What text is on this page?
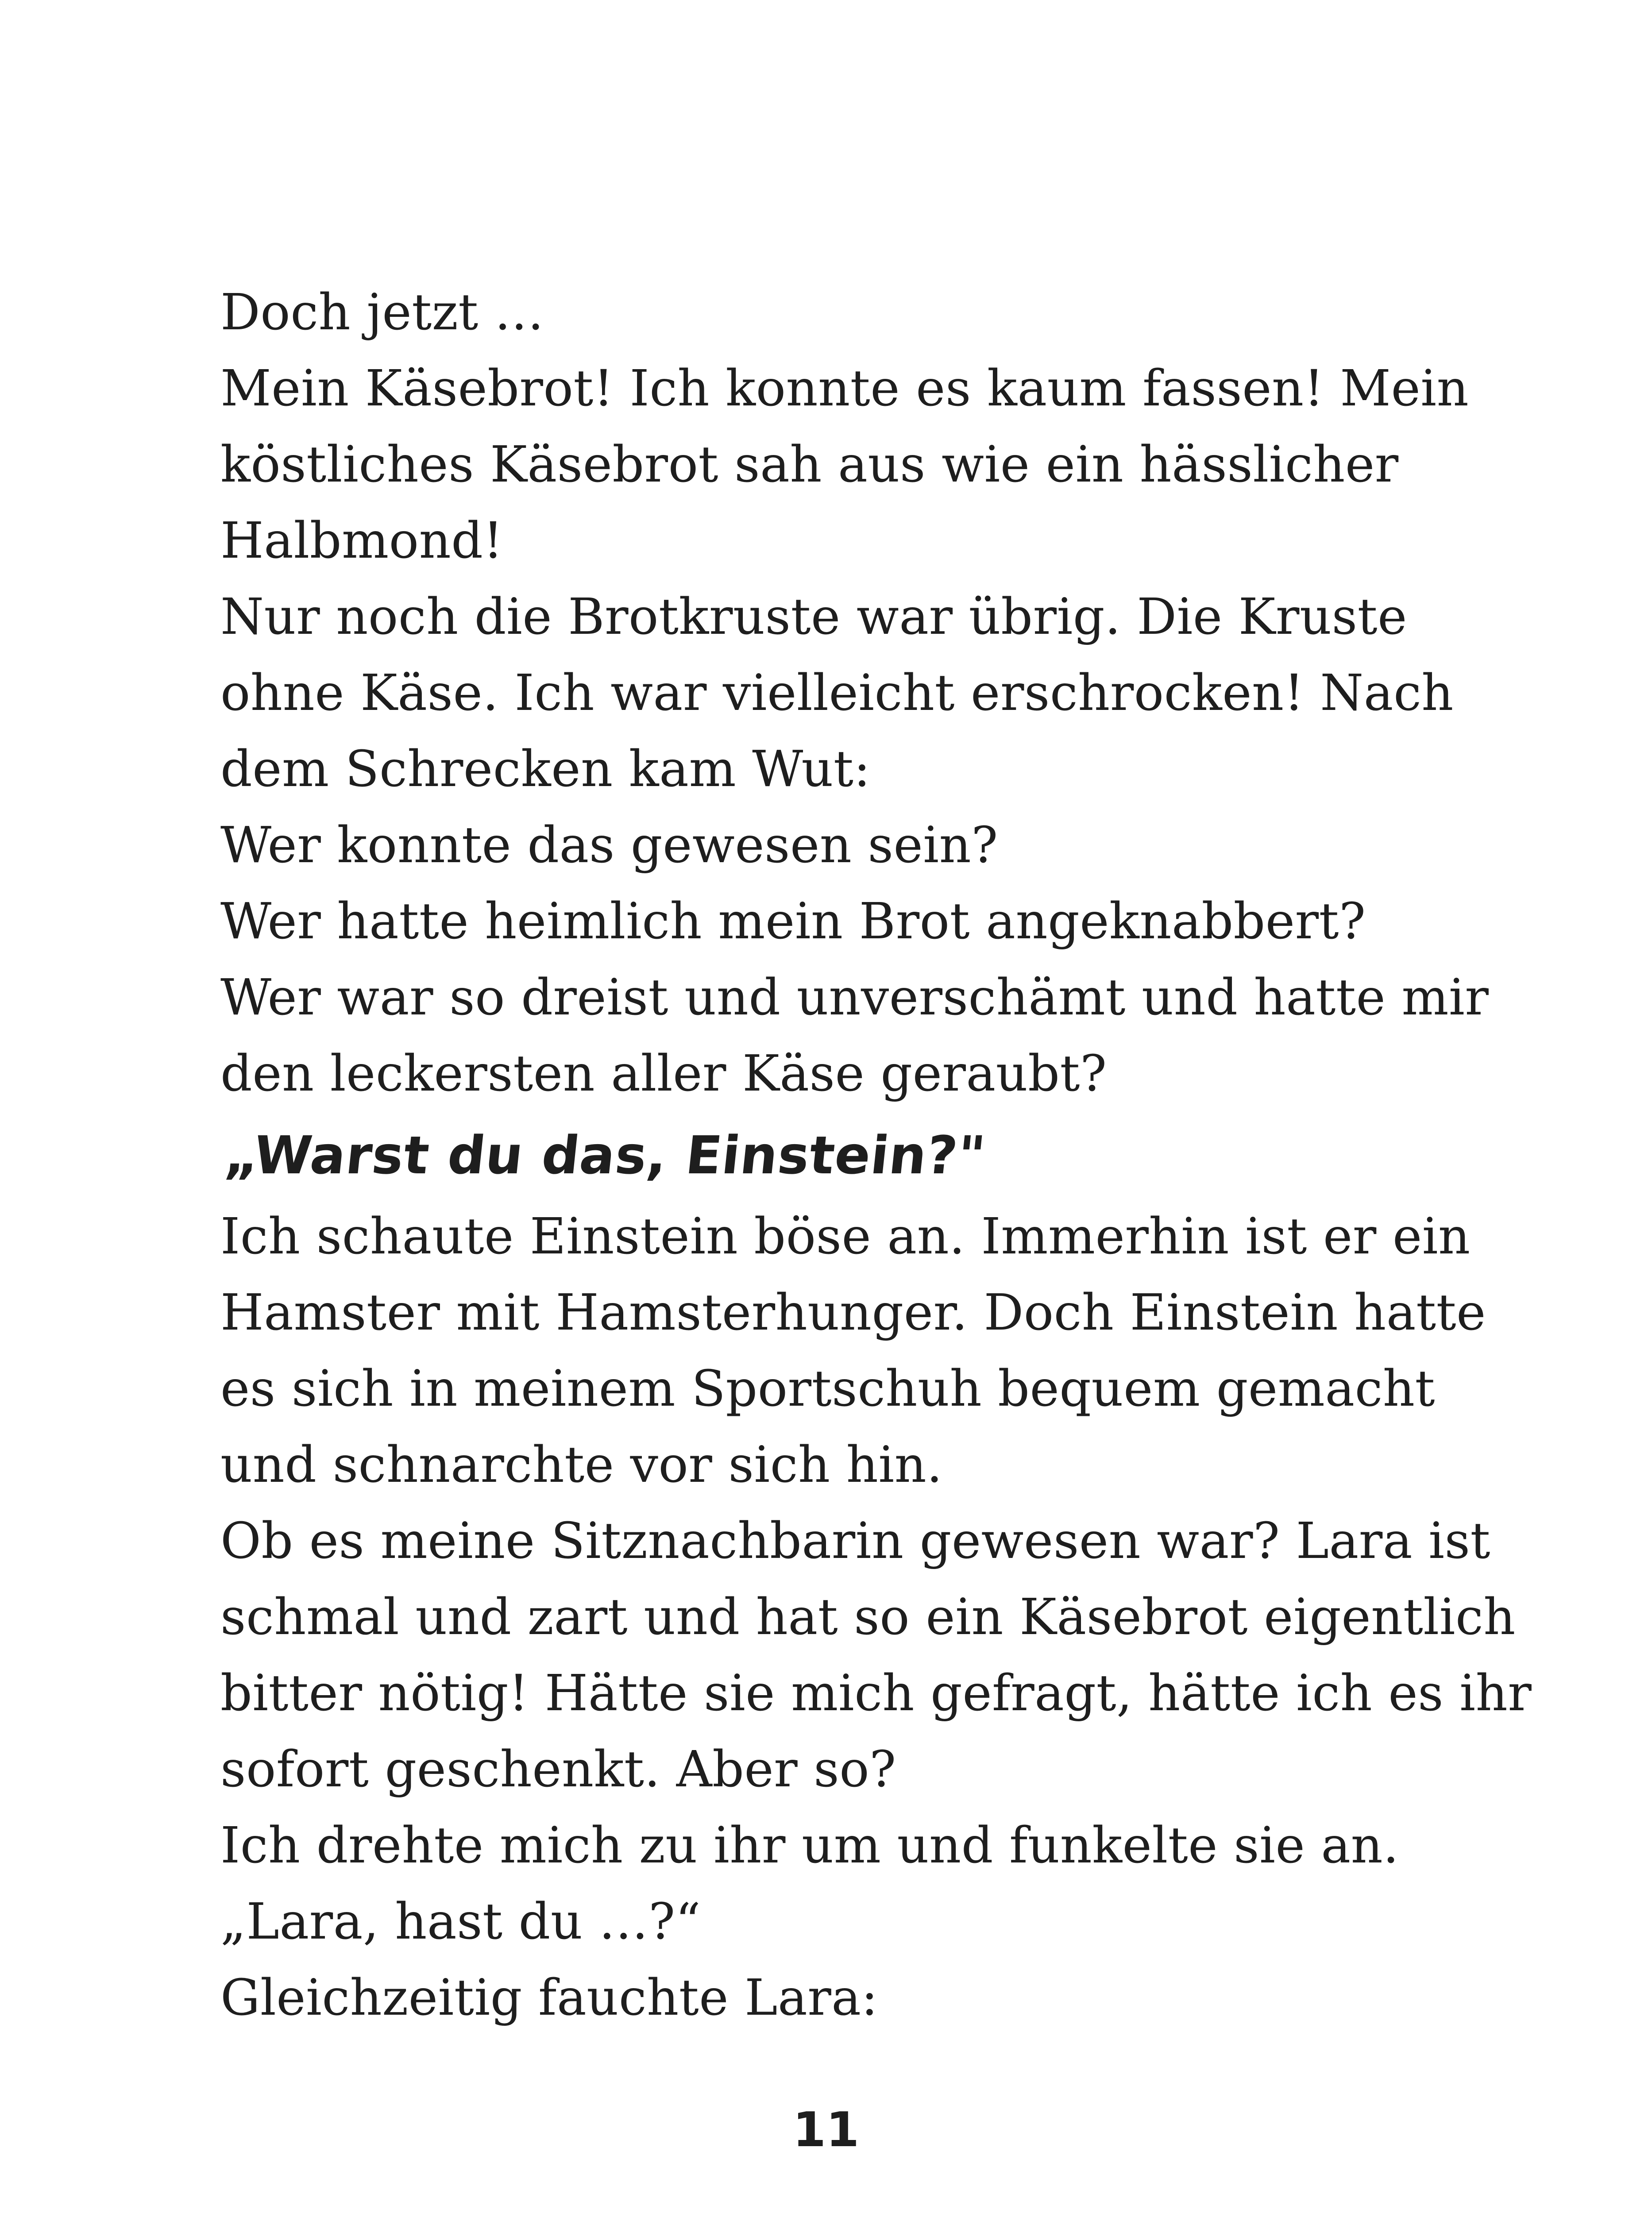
Doch jetzt …
Mein Käsebrot! Ich konnte es kaum fassen! Mein
köstliches Käsebrot sah aus wie ein hässlicher
Halbmond!
Nur noch die Brotkruste war übrig. Die Kruste
ohne Käse. Ich war vielleicht erschrocken! Nach
dem Schrecken kam Wut:
Wer konnte das gewesen sein?
Wer hatte heimlich mein Brot angeknabbert?
Wer war so dreist und unverschämt und hatte mir
den leckersten aller Käse geraubt?
„Warst du das, Einstein?"
Ich schaute Einstein böse an. Immerhin ist er ein
Hamster mit Hamsterhunger. Doch Einstein hatte
es sich in meinem Sportschuh bequem gemacht
und schnarchte vor sich hin.
Ob es meine Sitznachbarin gewesen war? Lara ist
schmal und zart und hat so ein Käsebrot eigentlich
bitter nötig! Hätte sie mich gefragt, hätte ich es ihr
sofort geschenkt. Aber so?
Ich drehte mich zu ihr um und funkelte sie an.
„Lara, hast du …?“
Gleichzeitig fauchte Lara:
11
